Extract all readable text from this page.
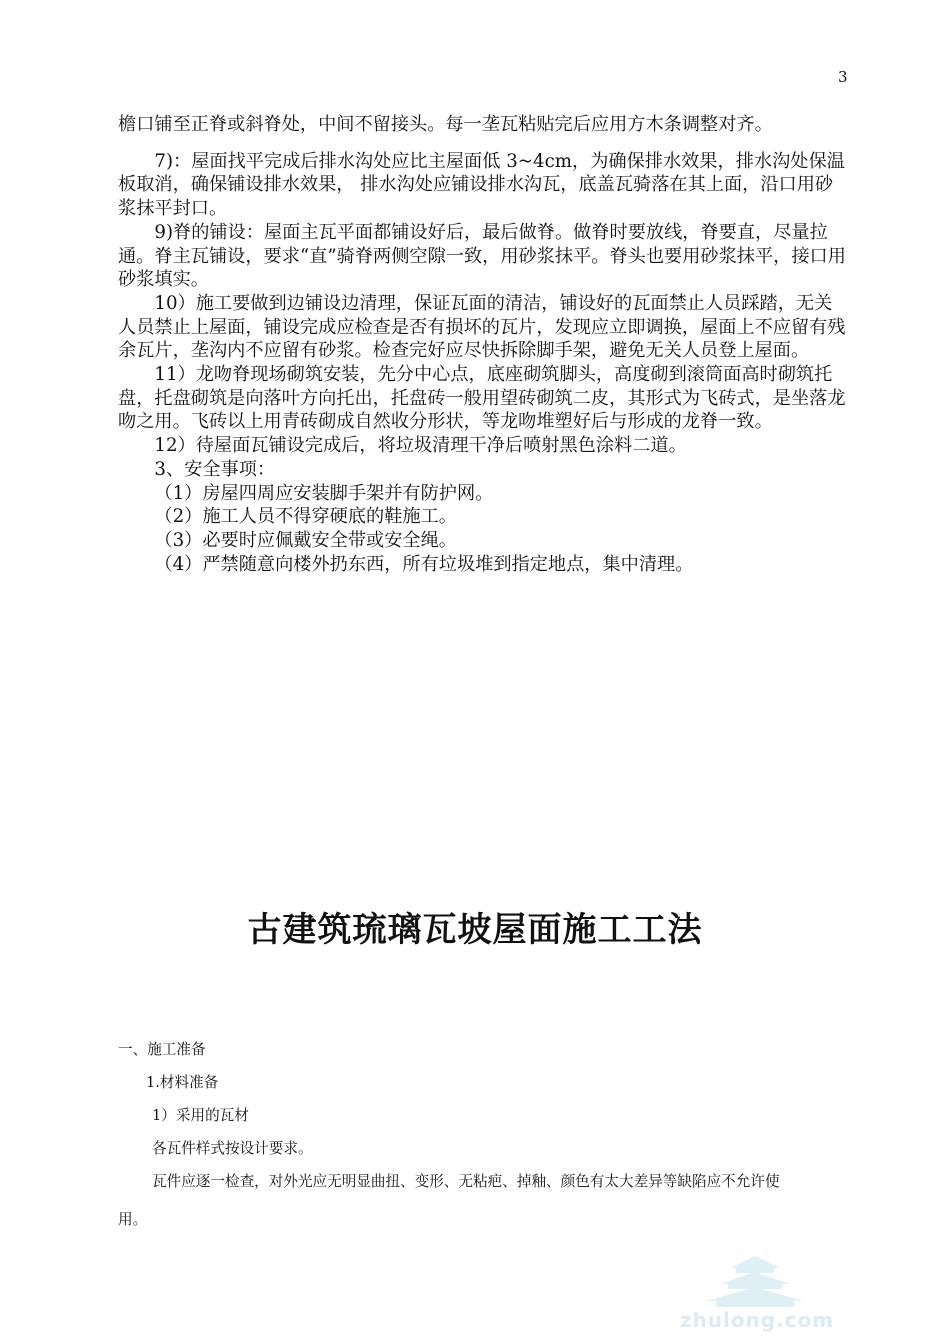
3

檐口铺至正脊或斜脊处，中间不留接头。每一垄瓦粘贴完后应用方木条调整对齐。

7)：屋面找平完成后排水沟处应比主屋面低 3~4cm，为确保排水效果，排水沟处保温板取消，确保铺设排水效果， 排水沟处应铺设排水沟瓦，底盖瓦骑落在其上面，沿口用砂浆抹平封口。

9)脊的铺设：屋面主瓦平面都铺设好后，最后做脊。做脊时要放线，脊要直，尽量拉通。脊主瓦铺设，要求“直”骑脊两侧空隙一致，用砂浆抹平。脊头也要用砂浆抹平，接口用砂浆填实。

10）施工要做到边铺设边清理，保证瓦面的清洁，铺设好的瓦面禁止人员踩踏，无关人员禁止上屋面，铺设完成应检查是否有损坏的瓦片，发现应立即调换，屋面上不应留有残余瓦片，垄沟内不应留有砂浆。检查完好应尽快拆除脚手架，避免无关人员登上屋面。

11）龙吻脊现场砌筑安装，先分中心点，底座砌筑脚头，高度砌到滚筒面高时砌筑托盘，托盘砌筑是向落叶方向托出，托盘砖一般用望砖砌筑二皮，其形式为飞砖式，是坐落龙吻之用。飞砖以上用青砖砌成自然收分形状，等龙吻堆塑好后与形成的龙脊一致。

12）待屋面瓦铺设完成后，将垃圾清理干净后喷射黑色涂料二道。

3、安全事项：

（1）房屋四周应安装脚手架并有防护网。

（2）施工人员不得穿硬底的鞋施工。

（3）必要时应佩戴安全带或安全绳。

（4）严禁随意向楼外扔东西，所有垃圾堆到指定地点，集中清理。

古建筑琉璃瓦坡屋面施工工法

一、施工准备

1.材料准备

1）采用的瓦材

各瓦件样式按设计要求。

瓦件应逐一检查，对外光应无明显曲扭、变形、无粘疤、掉釉、颜色有太大差异等缺陷应不允许使

用。

zhulong.com
